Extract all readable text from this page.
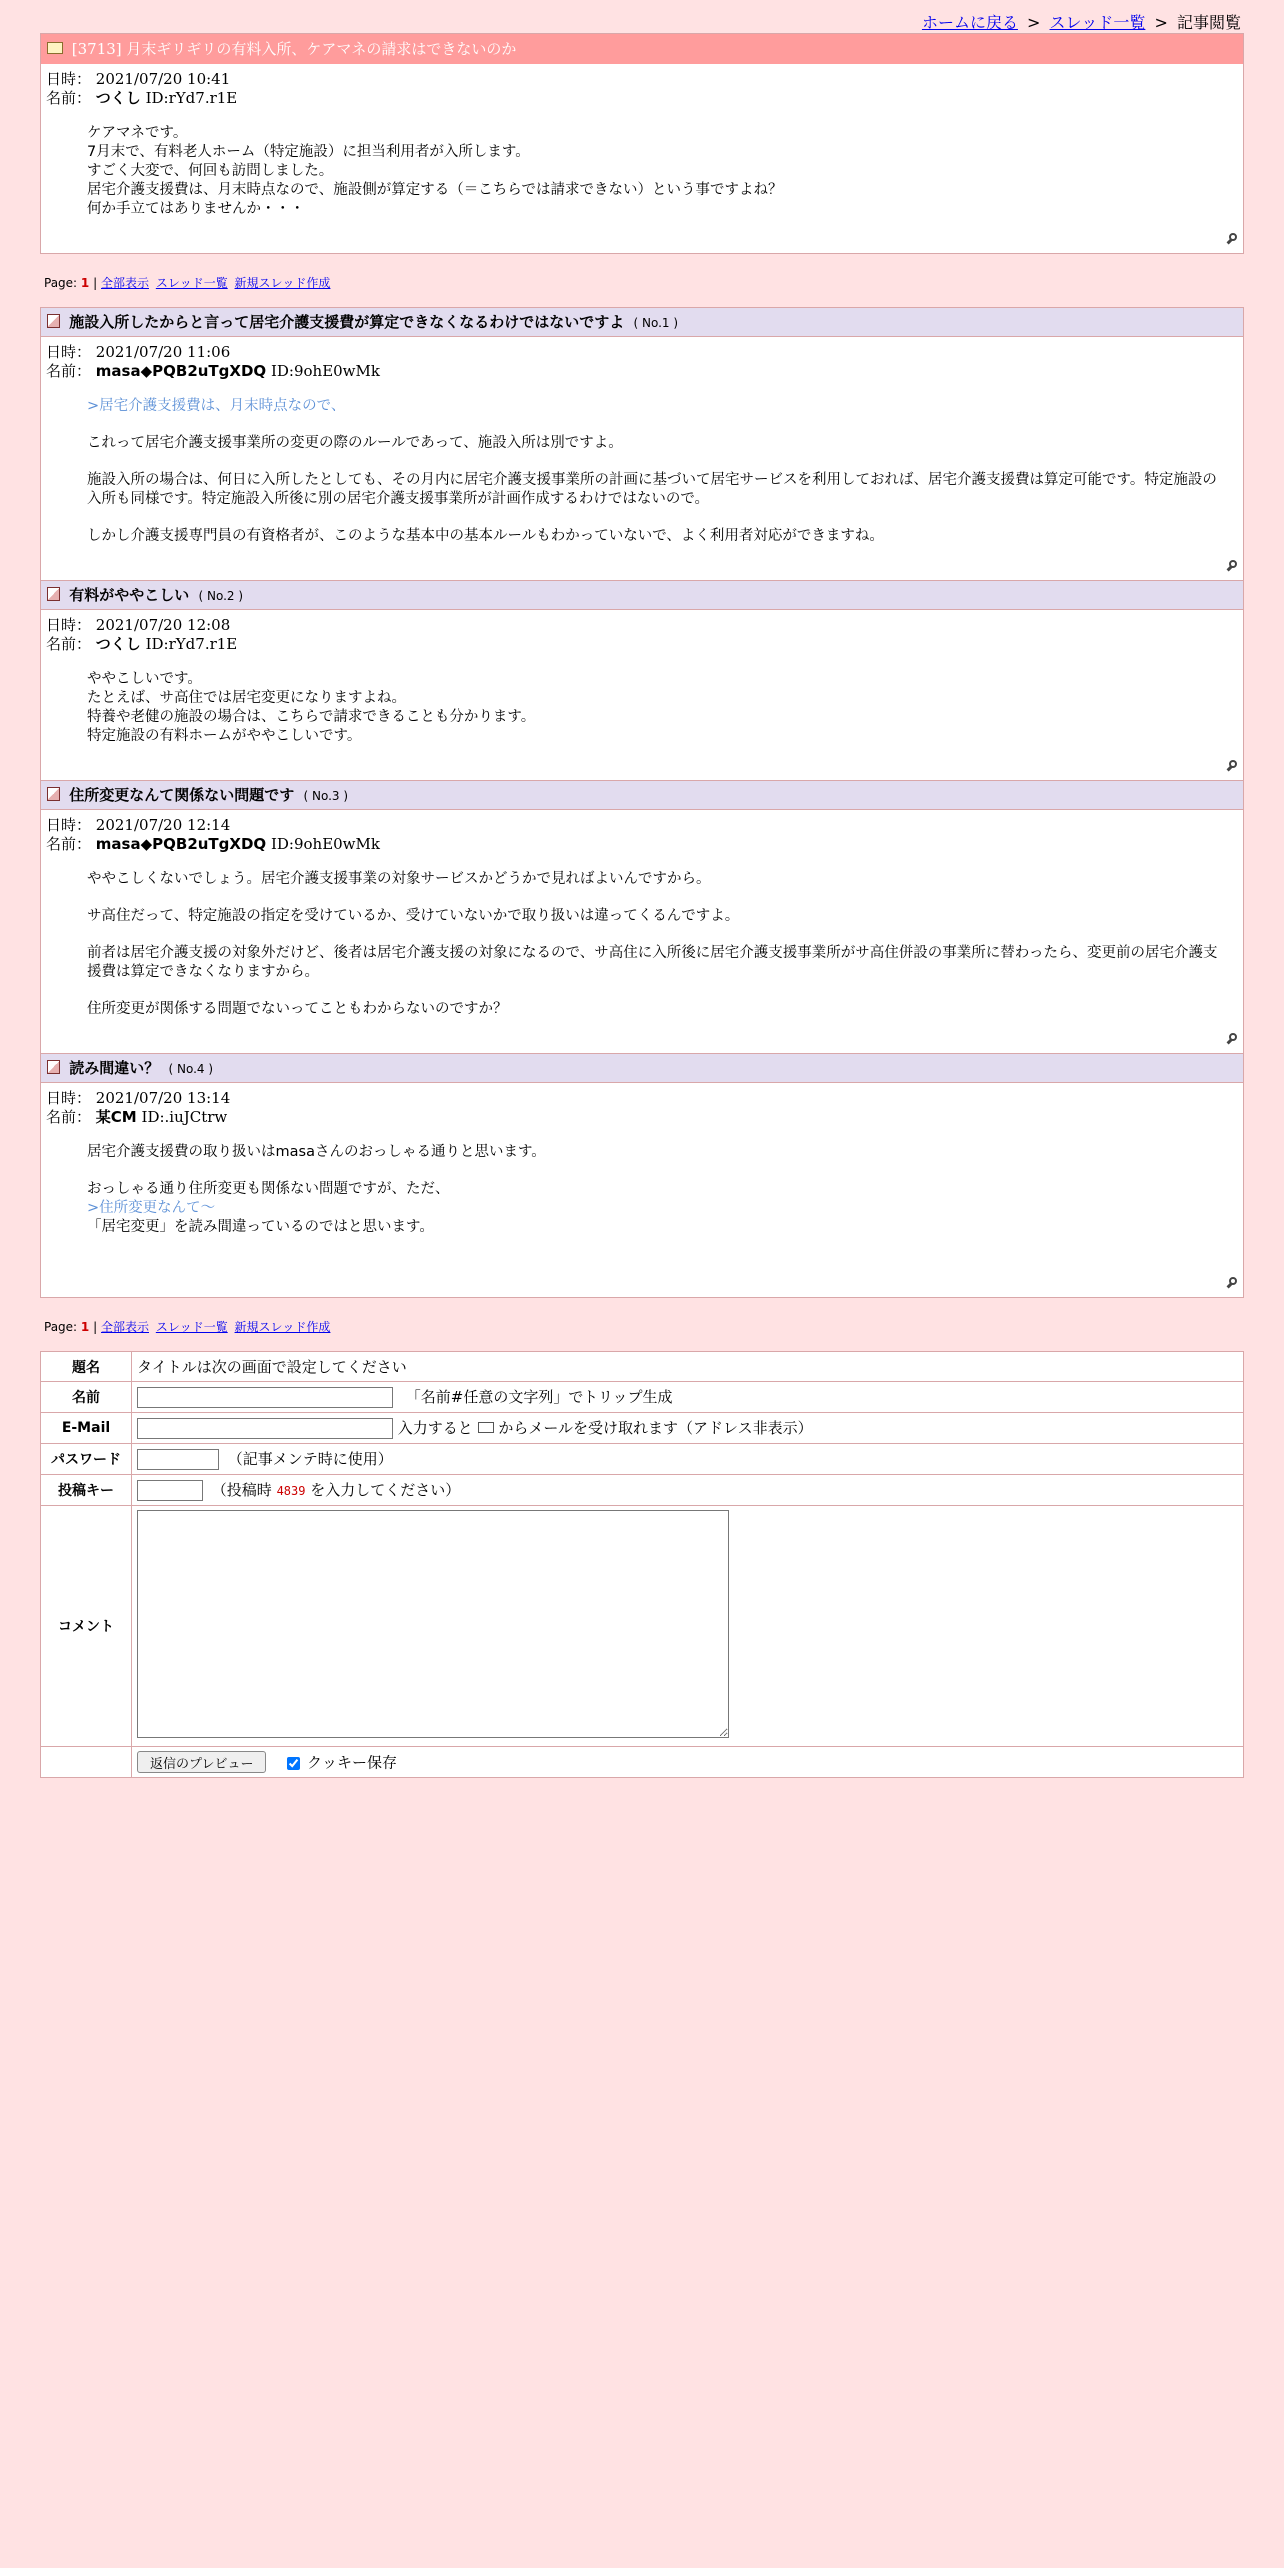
ホームに戻る > スレッド一覧 > 記事閲覧
[3713] 月末ギリギリの有料入所、ケアマネの請求はできないのか
日時： 2021/07/20 10:41
名前： つくし ID:rYd7.r1E
ケアマネです。
7月末で、有料老人ホーム（特定施設）に担当利用者が入所します。
すごく大変で、何回も訪問しました。
居宅介護支援費は、月末時点なので、施設側が算定する（＝こちらでは請求できない）という事ですよね？
何か手立てはありませんか・・・
Page: 1 | 全部表示 スレッド一覧 新規スレッド作成
施設入所したからと言って居宅介護支援費が算定できなくなるわけではないですよ ( No.1 )
日時： 2021/07/20 11:06
名前： masa◆PQB2uTgXDQ ID:9ohE0wMk

>居宅介護支援費は、月末時点なので、

これって居宅介護支援事業所の変更の際のルールであって、施設入所は別ですよ。

施設入所の場合は、何日に入所したとしても、その月内に居宅介護支援事業所の計画に基づいて居宅サービスを利用しておれば、居宅介護支援費は算定可能です。特定施設の入所も同様です。特定施設入所後に別の居宅介護支援事業所が計画作成するわけではないので。

しかし介護支援専門員の有資格者が、このような基本中の基本ルールもわかっていないで、よく利用者対応ができますね。

有料がややこしい ( No.2 )
日時： 2021/07/20 12:08
名前： つくし ID:rYd7.r1E

ややこしいです。
たとえば、サ高住では居宅変更になりますよね。
特養や老健の施設の場合は、こちらで請求できることも分かります。
特定施設の有料ホームがややこしいです。

住所変更なんて関係ない問題です ( No.3 )
日時： 2021/07/20 12:14
名前： masa◆PQB2uTgXDQ ID:9ohE0wMk

ややこしくないでしょう。居宅介護支援事業の対象サービスかどうかで見ればよいんですから。

サ高住だって、特定施設の指定を受けているか、受けていないかで取り扱いは違ってくるんですよ。

前者は居宅介護支援の対象外だけど、後者は居宅介護支援の対象になるので、サ高住に入所後に居宅介護支援事業所がサ高住併設の事業所に替わったら、変更前の居宅介護支援費は算定できなくなりますから。

住所変更が関係する問題でないってこともわからないのですか？

読み間違い？ ( No.4 )
日時： 2021/07/20 13:14
名前： 某CM ID:.iuJCtrw

居宅介護支援費の取り扱いはmasaさんのおっしゃる通りと思います。

おっしゃる通り住所変更も関係ない問題ですが、ただ、
>住所変更なんて～
「居宅変更」を読み間違っているのではと思います。
Page: 1 | 全部表示 スレッド一覧 新規スレッド作成
題名	タイトルは次の画面で設定してください
名前	「名前#任意の文字列」でトリップ生成
E-Mail	入力すると からメールを受け取れます（アドレス非表示）
パスワード	（記事メンテ時に使用）
投稿キー	（投稿時 4839 を入力してください）
コメント	
	返信のプレビュー クッキー保存
